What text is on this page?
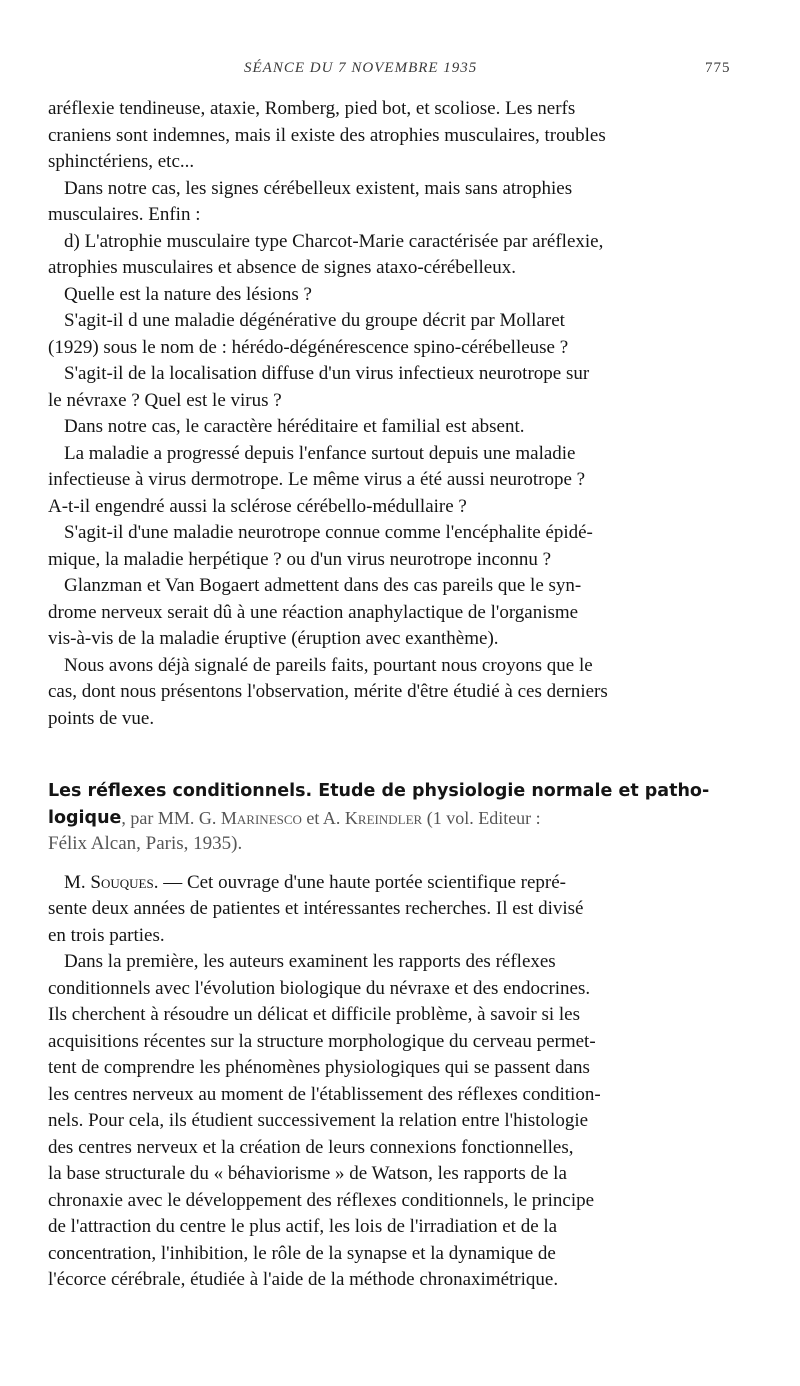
SÉANCE DU 7 NOVEMBRE 1935	775
aréflexie tendineuse, ataxie, Romberg, pied bot, et scoliose. Les nerfs
craniens sont indemnes, mais il existe des atrophies musculaires, troubles
sphinctériens, etc...
Dans notre cas, les signes cérébelleux existent, mais sans atrophies
musculaires. Enfin :
d) L'atrophie musculaire type Charcot-Marie caractérisée par aréflexie,
atrophies musculaires et absence de signes ataxo-cérébelleux.
Quelle est la nature des lésions ?
S'agit-il d une maladie dégénérative du groupe décrit par Mollaret
(1929) sous le nom de : hérédo-dégénérescence spino-cérébelleuse ?
S'agit-il de la localisation diffuse d'un virus infectieux neurotrope sur
le névraxe ? Quel est le virus ?
Dans notre cas, le caractère héréditaire et familial est absent.
La maladie a progressé depuis l'enfance surtout depuis une maladie
infectieuse à virus dermotrope. Le même virus a été aussi neurotrope ?
A-t-il engendré aussi la sclérose cérébello-médullaire ?
S'agit-il d'une maladie neurotrope connue comme l'encéphalite épidé-
mique, la maladie herpétique ? ou d'un virus neurotrope inconnu ?
Glanzman et Van Bogaert admettent dans des cas pareils que le syn-
drome nerveux serait dû à une réaction anaphylactique de l'organisme
vis-à-vis de la maladie éruptive (éruption avec exanthème).
Nous avons déjà signalé de pareils faits, pourtant nous croyons que le
cas, dont nous présentons l'observation, mérite d'être étudié à ces derniers
points de vue.
Les réflexes conditionnels. Etude de physiologie normale et patho-
logique , par MM. G. Marinesco et A. Kreindler (1 vol. Editeur :
Félix Alcan, Paris, 1935).
M. Souques . — Cet ouvrage d'une haute portée scientifique repré-
sente deux années de patientes et intéressantes recherches. Il est divisé
en trois parties.
Dans la première, les auteurs examinent les rapports des réflexes
conditionnels avec l'évolution biologique du névraxe et des endocrines.
Ils cherchent à résoudre un délicat et difficile problème, à savoir si les
acquisitions récentes sur la structure morphologique du cerveau permet-
tent de comprendre les phénomènes physiologiques qui se passent dans
les centres nerveux au moment de l'établissement des réflexes condition-
nels. Pour cela, ils étudient successivement la relation entre l'histologie
des centres nerveux et la création de leurs connexions fonctionnelles,
la base structurale du « béhaviorisme » de Watson, les rapports de la
chronaxie avec le développement des réflexes conditionnels, le principe
de l'attraction du centre le plus actif, les lois de l'irradiation et de la
concentration, l'inhibition, le rôle de la synapse et la dynamique de
l'écorce cérébrale, étudiée à l'aide de la méthode chronaximétrique.
